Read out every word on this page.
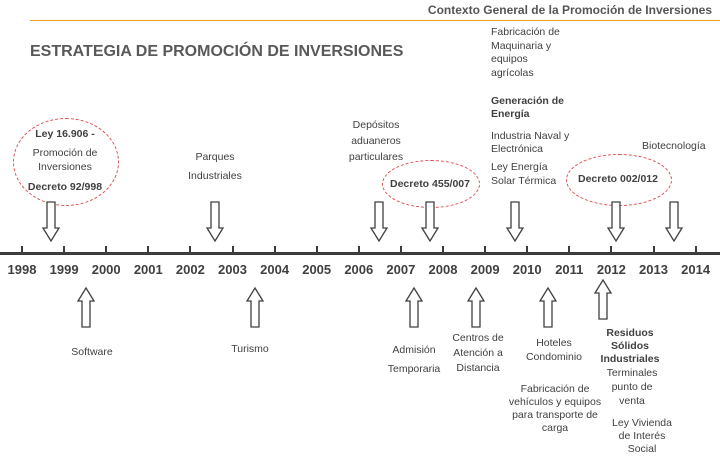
Contexto General de la Promoción de Inversiones
ESTRATEGIA DE PROMOCIÓN DE INVERSIONES
1998	1999	2000	2001	2002	2003	2004	2005	2006	2007	2008	2009	2010	2011	2012	2013	2014
Ley 16.906 -
Promoción de
Inversiones
Decreto 92/998
Parques
Industriales
Depósitos
aduaneros
particulares
Decreto 455/007
Fabricación de
Maquinaria y
equipos
agrícolas
Generación de
Energía
Industria Naval y
Electrónica
Ley Energía
Solar Térmica	Decreto 002/012
Biotecnología
Software	Turismo	Admisión
Temporaria
Centros de
Atención a
Distancia
Hoteles
Condominio
Fabricación de
vehículos y equipos
para transporte de
carga
Residuos
Sólidos
Industriales
Terminales
punto de
venta
Ley Vivienda
de Interés
Social
